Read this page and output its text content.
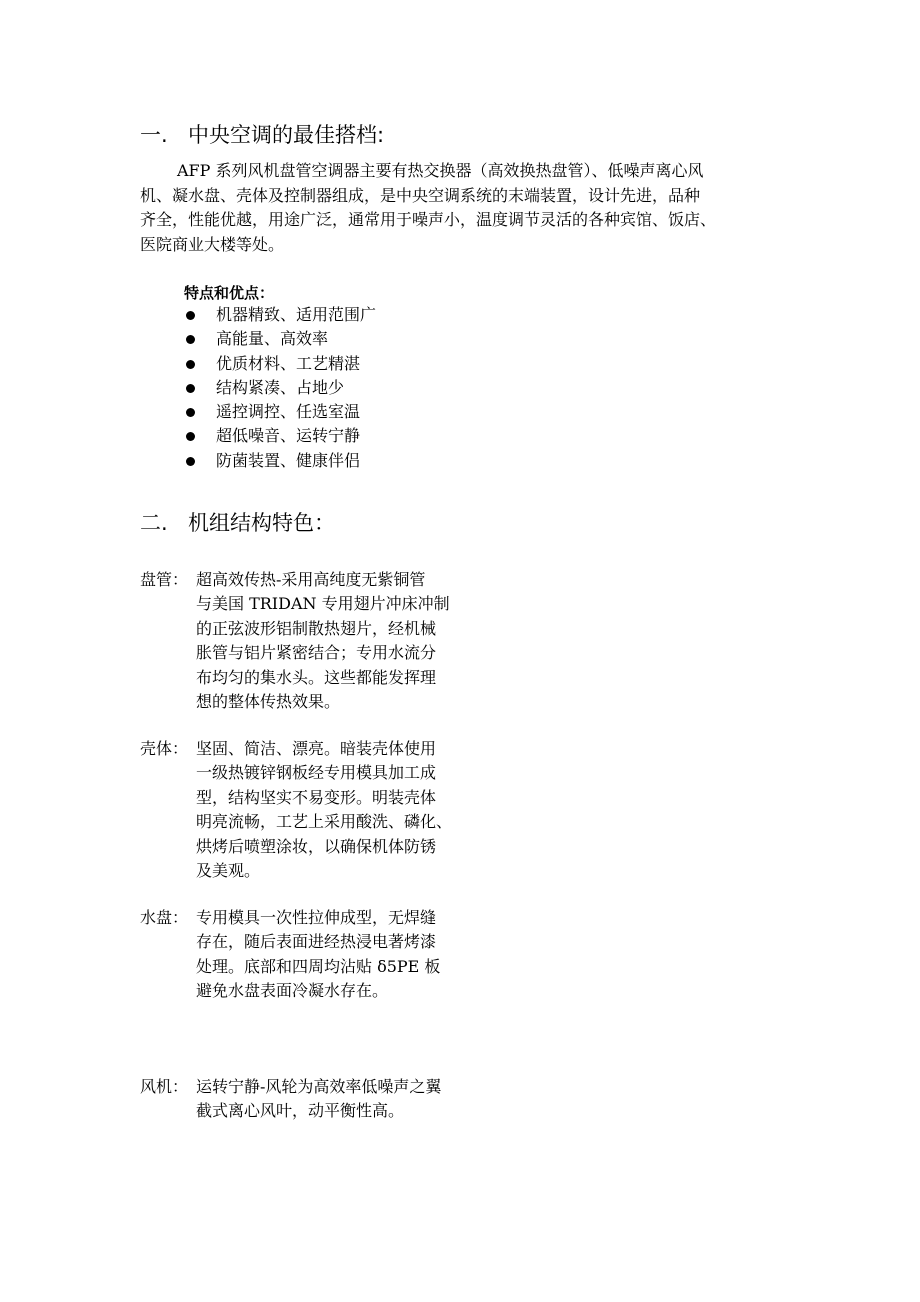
一. 中央空调的最佳搭档:
AFP 系列风机盘管空调器主要有热交换器（高效换热盘管）、低噪声离心风
机、凝水盘、壳体及控制器组成，是中央空调系统的末端装置，设计先进，品种
齐全，性能优越，用途广泛，通常用于噪声小，温度调节灵活的各种宾馆、饭店、
医院商业大楼等处。
特点和优点：
机器精致、适用范围广
高能量、高效率
优质材料、工艺精湛
结构紧凑、占地少
遥控调控、任选室温
超低噪音、运转宁静
防菌装置、健康伴侣
二. 机组结构特色：
盘管： 超高效传热-采用高纯度无紫铜管
与美国 TRIDAN 专用翅片冲床冲制
的正弦波形铝制散热翅片，经机械
胀管与铝片紧密结合；专用水流分
布均匀的集水头。这些都能发挥理
想的整体传热效果。
壳体： 坚固、简洁、漂亮。暗装壳体使用
一级热镀锌钢板经专用模具加工成
型，结构坚实不易变形。明装壳体
明亮流畅，工艺上采用酸洗、磷化、
烘烤后喷塑涂妆，以确保机体防锈
及美观。
水盘： 专用模具一次性拉伸成型，无焊缝
存在，随后表面进经热浸电著烤漆
处理。底部和四周均沾贴 δ5PE 板
避免水盘表面冷凝水存在。
风机： 运转宁静-风轮为高效率低噪声之翼
截式离心风叶，动平衡性高。
